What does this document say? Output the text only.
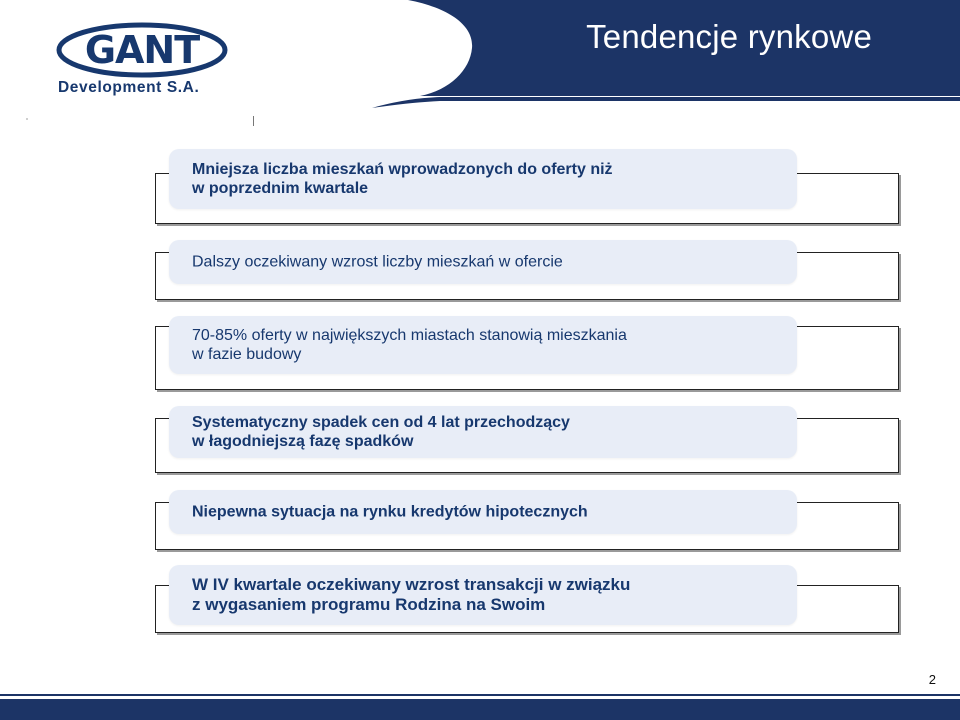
Tendencje rynkowe

GANT

Development S.A.

Mniejsza liczba mieszkań wprowadzonych do oferty niż
w poprzednim kwartale

Dalszy oczekiwany wzrost liczby mieszkań w ofercie

70-85% oferty w największych miastach stanowią mieszkania
w fazie budowy

Systematyczny spadek cen od 4 lat przechodzący
w łagodniejszą fazę spadków

Niepewna sytuacja na rynku kredytów hipotecznych

W IV kwartale oczekiwany wzrost transakcji w związku
z wygasaniem programu Rodzina na Swoim

2
